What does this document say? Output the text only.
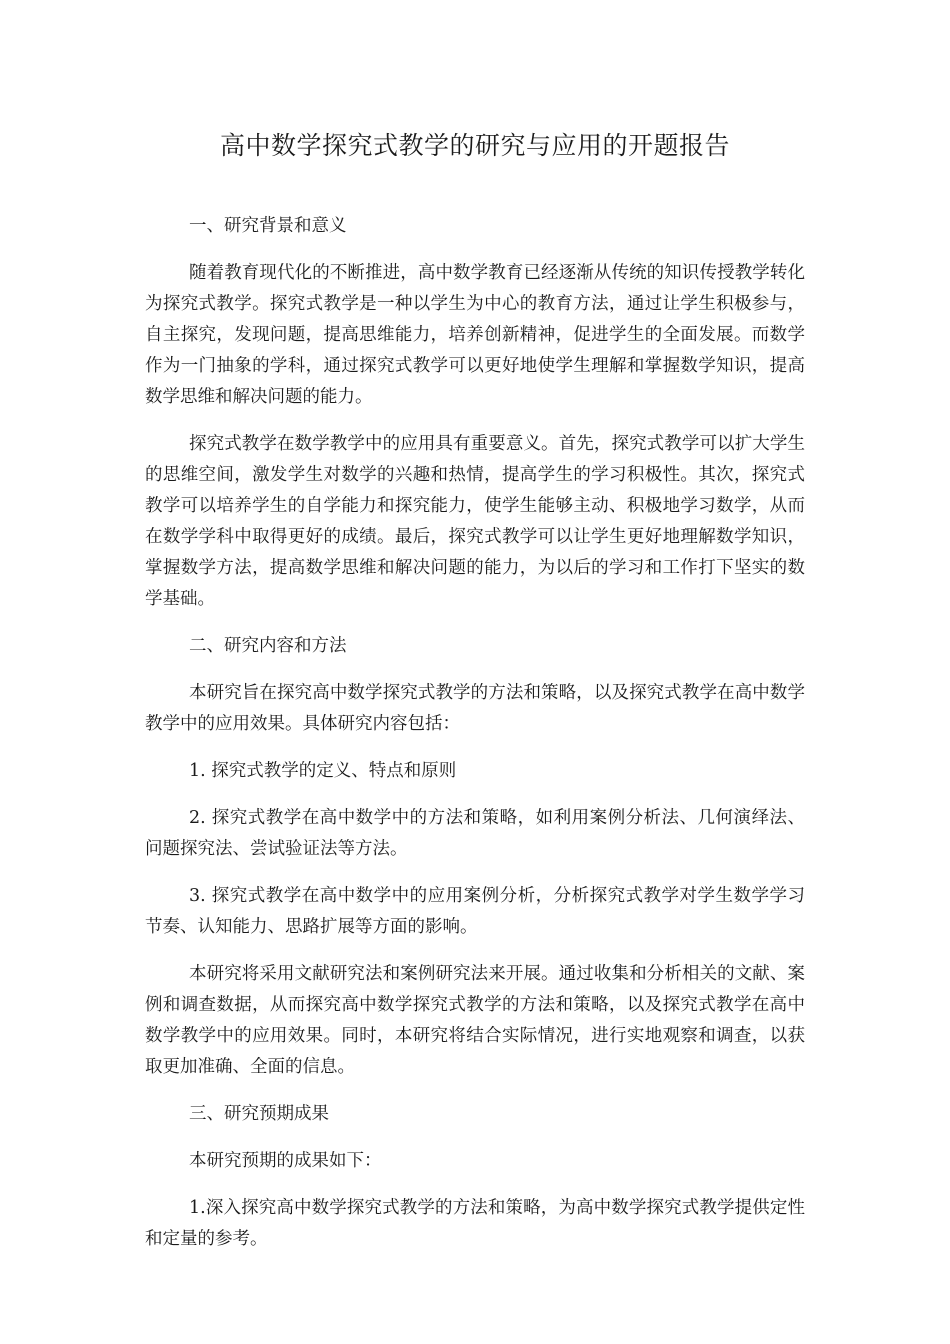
高中数学探究式教学的研究与应用的开题报告

一、研究背景和意义

随着教育现代化的不断推进，高中数学教育已经逐渐从传统的知识传授教学转化为探究式教学。探究式教学是一种以学生为中心的教育方法，通过让学生积极参与，自主探究，发现问题，提高思维能力，培养创新精神，促进学生的全面发展。而数学作为一门抽象的学科，通过探究式教学可以更好地使学生理解和掌握数学知识，提高数学思维和解决问题的能力。

探究式教学在数学教学中的应用具有重要意义。首先，探究式教学可以扩大学生的思维空间，激发学生对数学的兴趣和热情，提高学生的学习积极性。其次，探究式教学可以培养学生的自学能力和探究能力，使学生能够主动、积极地学习数学，从而在数学学科中取得更好的成绩。最后，探究式教学可以让学生更好地理解数学知识，掌握数学方法，提高数学思维和解决问题的能力，为以后的学习和工作打下坚实的数学基础。

二、研究内容和方法

本研究旨在探究高中数学探究式教学的方法和策略，以及探究式教学在高中数学教学中的应用效果。具体研究内容包括：

1. 探究式教学的定义、特点和原则

2. 探究式教学在高中数学中的方法和策略，如利用案例分析法、几何演绎法、问题探究法、尝试验证法等方法。

3. 探究式教学在高中数学中的应用案例分析，分析探究式教学对学生数学学习节奏、认知能力、思路扩展等方面的影响。

本研究将采用文献研究法和案例研究法来开展。通过收集和分析相关的文献、案例和调查数据，从而探究高中数学探究式教学的方法和策略，以及探究式教学在高中数学教学中的应用效果。同时，本研究将结合实际情况，进行实地观察和调查，以获取更加准确、全面的信息。

三、研究预期成果

本研究预期的成果如下：

1.深入探究高中数学探究式教学的方法和策略，为高中数学探究式教学提供定性和定量的参考。
